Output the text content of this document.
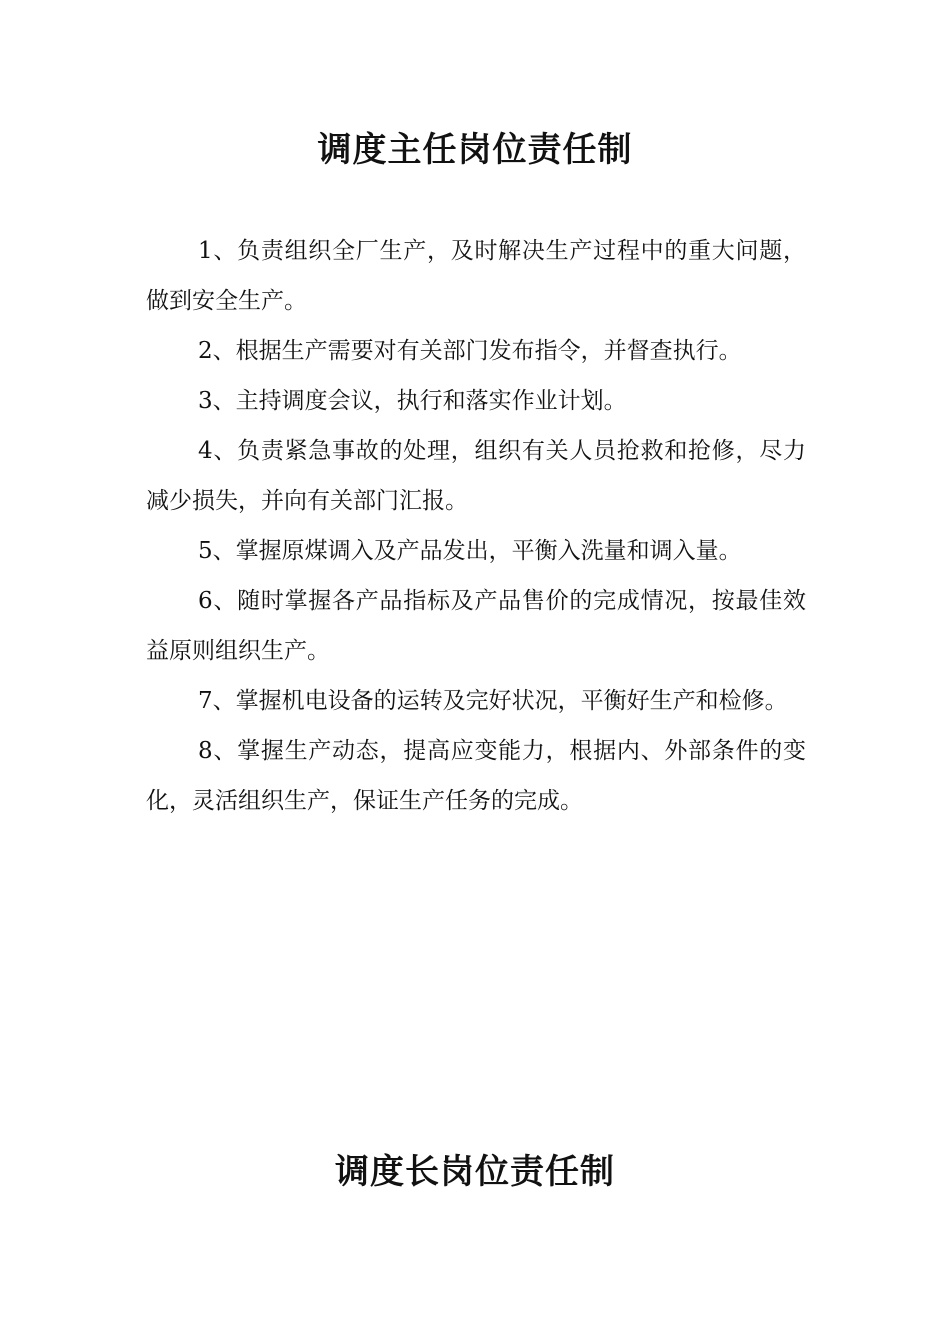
调度主任岗位责任制

1、负责组织全厂生产，及时解决生产过程中的重大问题，做到安全生产。

2、根据生产需要对有关部门发布指令，并督查执行。

3、主持调度会议，执行和落实作业计划。

4、负责紧急事故的处理，组织有关人员抢救和抢修，尽力减少损失，并向有关部门汇报。

5、掌握原煤调入及产品发出，平衡入洗量和调入量。

6、随时掌握各产品指标及产品售价的完成情况，按最佳效益原则组织生产。

7、掌握机电设备的运转及完好状况，平衡好生产和检修。

8、掌握生产动态，提高应变能力，根据内、外部条件的变化，灵活组织生产，保证生产任务的完成。

调度长岗位责任制
